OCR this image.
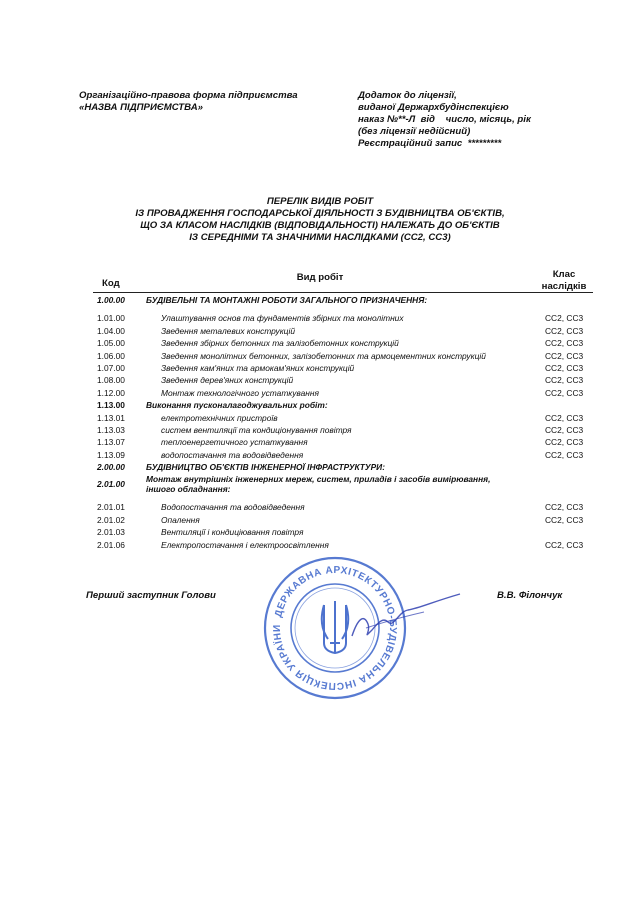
Організаційно-правова форма підприємства
«НАЗВА ПІДПРИЄМСТВА»
Додаток до ліцензії,
виданої Держархбудінспекцією
наказ №**-Л  від    число, місяць, рік
(без ліцензії недійсний)
Реєстраційний запис  *********
ПЕРЕЛІК ВИДІВ РОБІТ
ІЗ ПРОВАДЖЕННЯ ГОСПОДАРСЬКОЇ ДІЯЛЬНОСТІ З БУДІВНИЦТВА ОБ'ЄКТІВ,
ЩО ЗА КЛАСОМ НАСЛІДКІВ (ВІДПОВІДАЛЬНОСТІ) НАЛЕЖАТЬ ДО ОБ'ЄКТІВ
ІЗ СЕРЕДНІМИ ТА ЗНАЧНИМИ НАСЛІДКАМИ (СС2, СС3)
Код
Вид робіт	Клас
наслідків
1.00.00	БУДІВЕЛЬНІ ТА МОНТАЖНІ РОБОТИ ЗАГАЛЬНОГО ПРИЗНАЧЕННЯ:
1.01.00	Улаштування основ та фундаментів збірних та монолітних	СС2, СС3
1.04.00	Зведення металевих конструкцій	СС2, СС3
1.05.00	Зведення збірних бетонних та залізобетонних конструкцій	СС2, СС3
1.06.00	Зведення монолітних бетонних, залізобетонних та армоцементних конструкцій	СС2, СС3
1.07.00	Зведення кам'яних та армокам'яних конструкцій	СС2, СС3
1.08.00	Зведення дерев'яних конструкцій	СС2, СС3
1.12.00	Монтаж технологічного устаткування	СС2, СС3
1.13.00	Виконання пусконалагоджувальних робіт:
1.13.01	електротехнічних пристроїв	СС2, СС3
1.13.03	систем вентиляції та кондиціонування повітря	СС2, СС3
1.13.07	теплоенергетичного устаткування	СС2, СС3
1.13.09	водопостачання та водовідведення	СС2, СС3
2.00.00	БУДІВНИЦТВО ОБ'ЄКТІВ ІНЖЕНЕРНОЇ ІНФРАСТРУКТУРИ:
2.01.00	Монтаж внутрішніх інженерних мереж, систем, приладів і засобів вимірювання, іншого обладнання:
2.01.01	Водопостачання та водовідведення	СС2, СС3
2.01.02	Опалення	СС2, СС3
2.01.03	Вентиляції і кондиціювання повітря
2.01.06	Електропостачання і електроосвітлення	СС2, СС3
Перший заступник Голови	В.В. Філончук
ДЕРЖАВНА АРХІТЕКТУРНО-БУДІВЕЛЬНА ІНСПЕКЦІЯ УКРАЇНИ
